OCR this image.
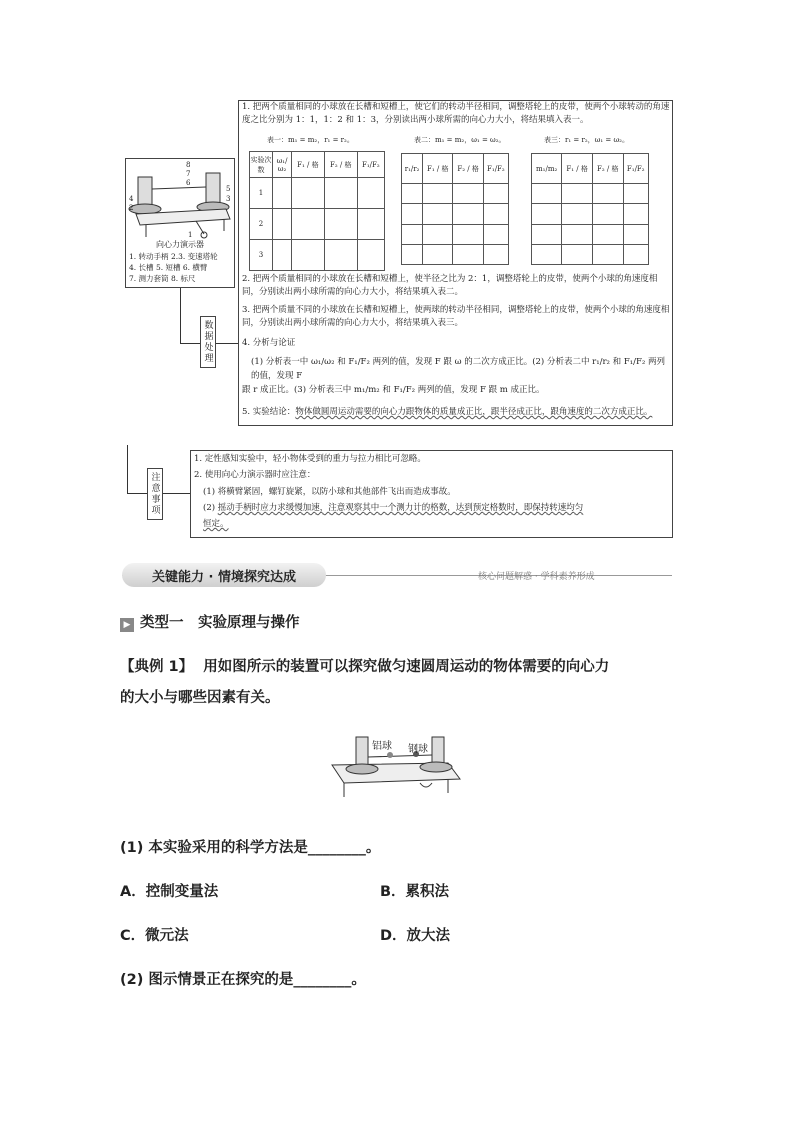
8
7
6
5
4	3
2
1
向心力演示器
1. 转动手柄 2.3. 变速塔轮
4. 长槽 5. 短槽 6. 横臂
7. 测力套筒 8. 标尺
数据处理
注意事项
1. 把两个质量相同的小球放在长槽和短槽上，使它们的转动半径相同，调整塔轮上的皮带，使两个小球转动的角速度之比分别为 1：1，1：2 和 1：3，分别读出两小球所需的向心力大小，将结果填入表一。
表一：m₁ = m₂，r₁ = r₂。	表二：m₁ = m₂，ω₁ = ω₂。	表三：r₁ = r₂，ω₁ = ω₂。
实验次数	ω₁/ω₂	F₁ / 格	F₂ / 格	F₁/F₂
1				
2				
3				
r₁/r₂	F₁ / 格	F₂ / 格	F₁/F₂

				m₁/m₂	F₁ / 格	F₂ / 格	F₁/F₂

2. 把两个质量相同的小球放在长槽和短槽上，使半径之比为 2：1，调整塔轮上的皮带，使两个小球的角速度相同，分别读出两小球所需的向心力大小，将结果填入表二。
3. 把两个质量不同的小球放在长槽和短槽上，使两球的转动半径相同，调整塔轮上的皮带，使两个小球的角速度相同，分别读出两小球所需的向心力大小，将结果填入表三。
4. 分析与论证
(1) 分析表一中 ω₁/ω₂ 和 F₁/F₂ 两列的值，发现 F 跟 ω 的二次方成正比。(2) 分析表二中 r₁/r₂ 和 F₁/F₂ 两列的值，发现 F
跟 r 成正比。(3) 分析表三中 m₁/m₂ 和 F₁/F₂ 两列的值，发现 F 跟 m 成正比。
5. 实验结论：物体做圆周运动需要的向心力跟物体的质量成正比，跟半径成正比，跟角速度的二次方成正比。
1. 定性感知实验中，轻小物体受到的重力与拉力相比可忽略。
2. 使用向心力演示器时应注意：
(1) 将横臂紧固，螺钉旋紧，以防小球和其他部件飞出而造成事故。
(2) 摇动手柄时应力求缓慢加速，注意观察其中一个测力计的格数，达到预定格数时，即保持转速均匀
恒定。
关键能力 · 情境探究达成	核心问题解惑 · 学科素养形成
▶ 类型一　实验原理与操作
【典例 1】 用如图所示的装置可以探究做匀速圆周运动的物体需要的向心力
的大小与哪些因素有关。
铝球 钢球
(1) 本实验采用的科学方法是________。
A．控制变量法	B．累积法
C．微元法	D．放大法
(2) 图示情景正在探究的是________。
